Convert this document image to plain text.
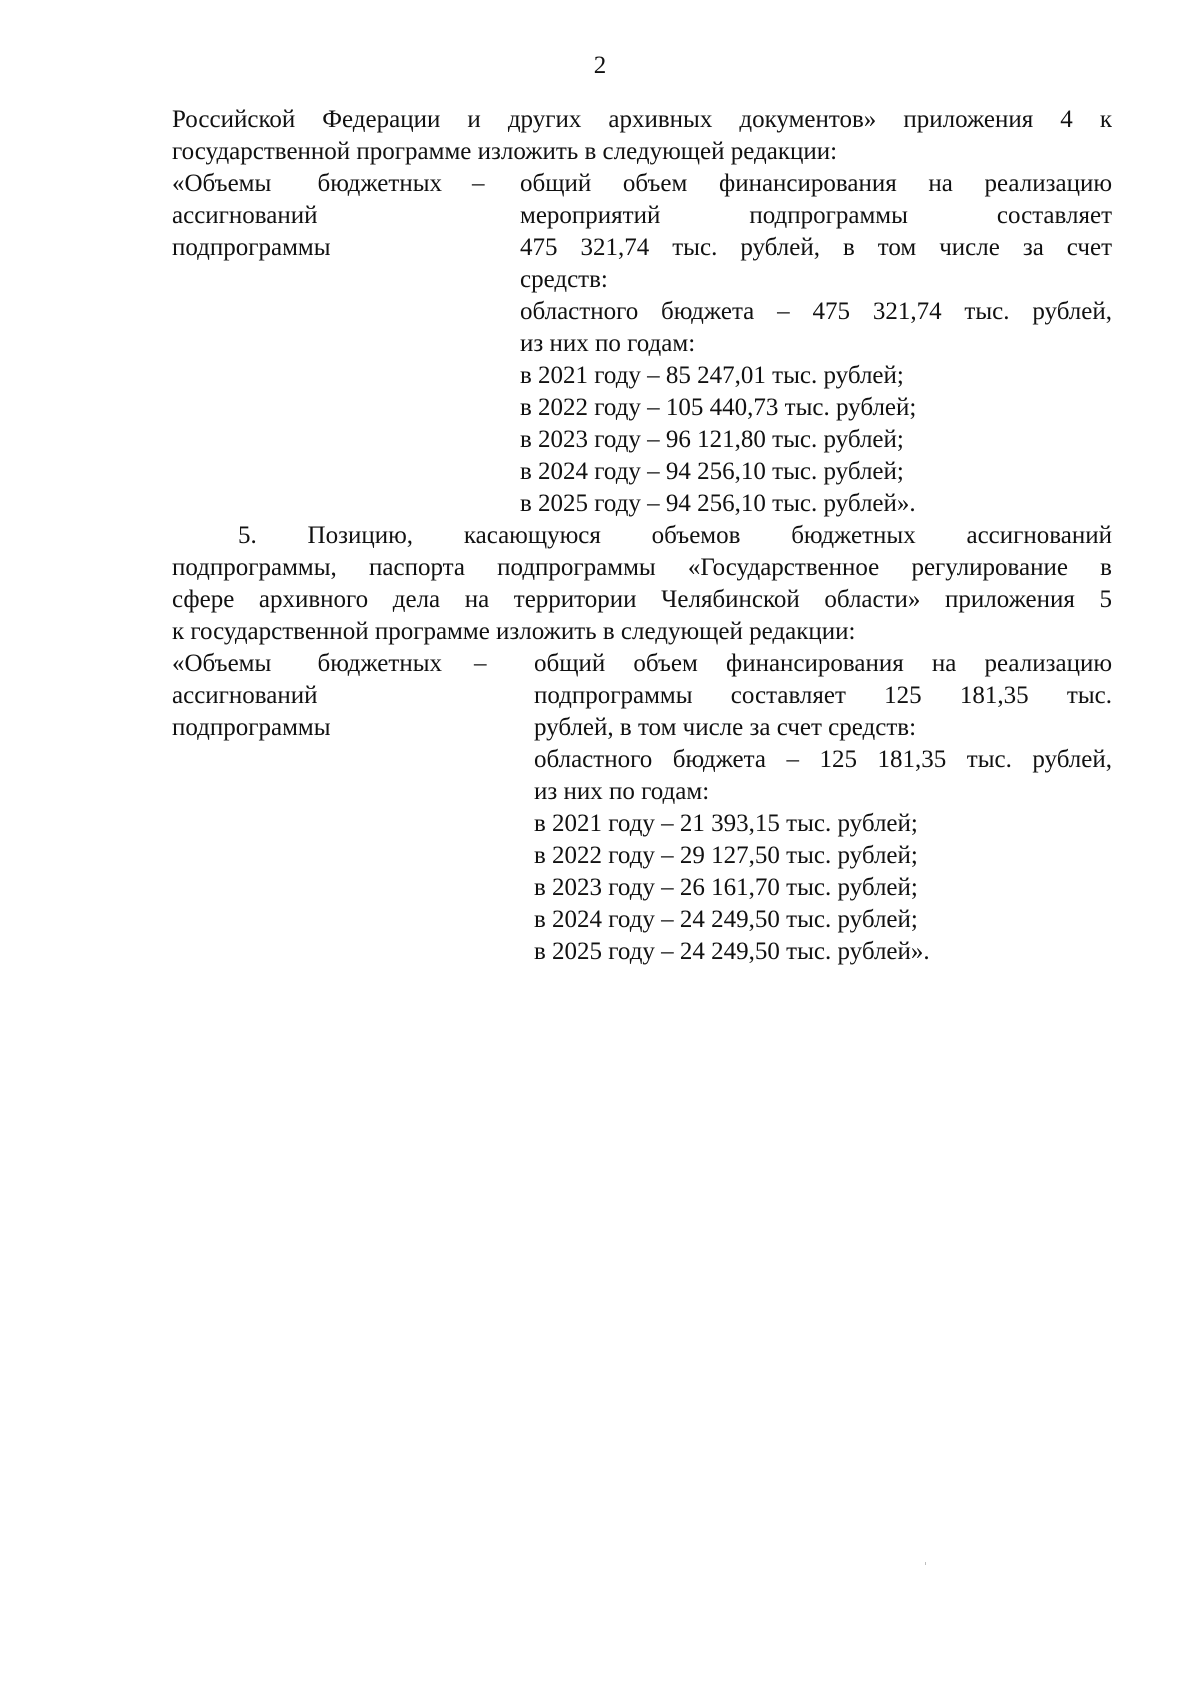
2
Российской Федерации и других архивных документов» приложения 4 к
государственной программе изложить в следующей редакции:
«Объемы бюджетных – общий объем финансирования на реализацию
ассигнований	мероприятий подпрограммы составляет
подпрограммы	475 321,74 тыс. рублей, в том числе за счет
средств:
областного бюджета – 475 321,74 тыс. рублей,
из них по годам:
в 2021 году – 85 247,01 тыс. рублей;
в 2022 году – 105 440,73 тыс. рублей;
в 2023 году – 96 121,80 тыс. рублей;
в 2024 году – 94 256,10 тыс. рублей;
в 2025 году – 94 256,10 тыс. рублей».
5. Позицию, касающуюся объемов бюджетных ассигнований
подпрограммы, паспорта подпрограммы «Государственное регулирование в
сфере архивного дела на территории Челябинской области» приложения 5
к государственной программе изложить в следующей редакции:
«Объемы бюджетных – общий объем финансирования на реализацию
ассигнований	подпрограммы составляет 125 181,35 тыс.
подпрограммы	рублей, в том числе за счет средств:
областного бюджета – 125 181,35 тыс. рублей,
из них по годам:
в 2021 году – 21 393,15 тыс. рублей;
в 2022 году – 29 127,50 тыс. рублей;
в 2023 году – 26 161,70 тыс. рублей;
в 2024 году – 24 249,50 тыс. рублей;
в 2025 году – 24 249,50 тыс. рублей».
